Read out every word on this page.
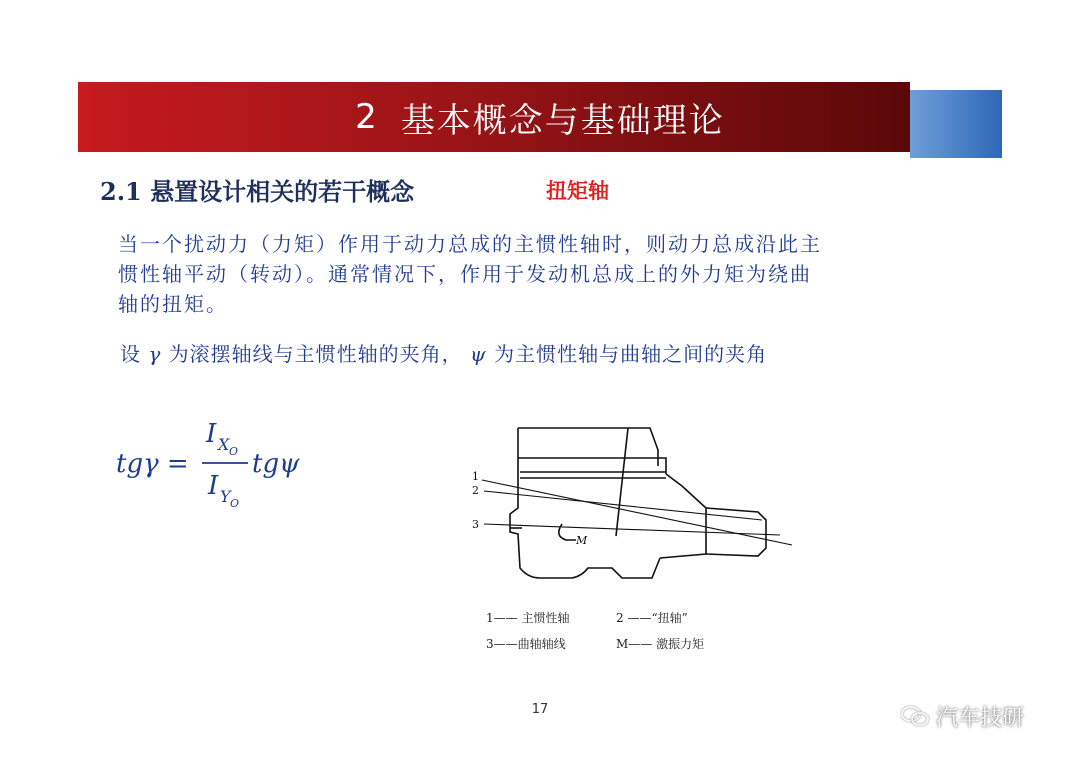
2 基本概念与基础理论
2.1 悬置设计相关的若干概念	扭矩轴
当一个扰动力（力矩）作用于动力总成的主惯性轴时，则动力总成沿此主
惯性轴平动（转动）。通常情况下，作用于发动机总成上的外力矩为绕曲
轴的扭矩。
设 γ 为滚摆轴线与主惯性轴的夹角， ψ 为主惯性轴与曲轴之间的夹角
tgγ =
I X O
I Y O
tgψ	1
2
3
M
1—— 主惯性轴	2 ——“扭轴”
3——曲轴轴线	M—— 激振力矩
17	汽车技研
